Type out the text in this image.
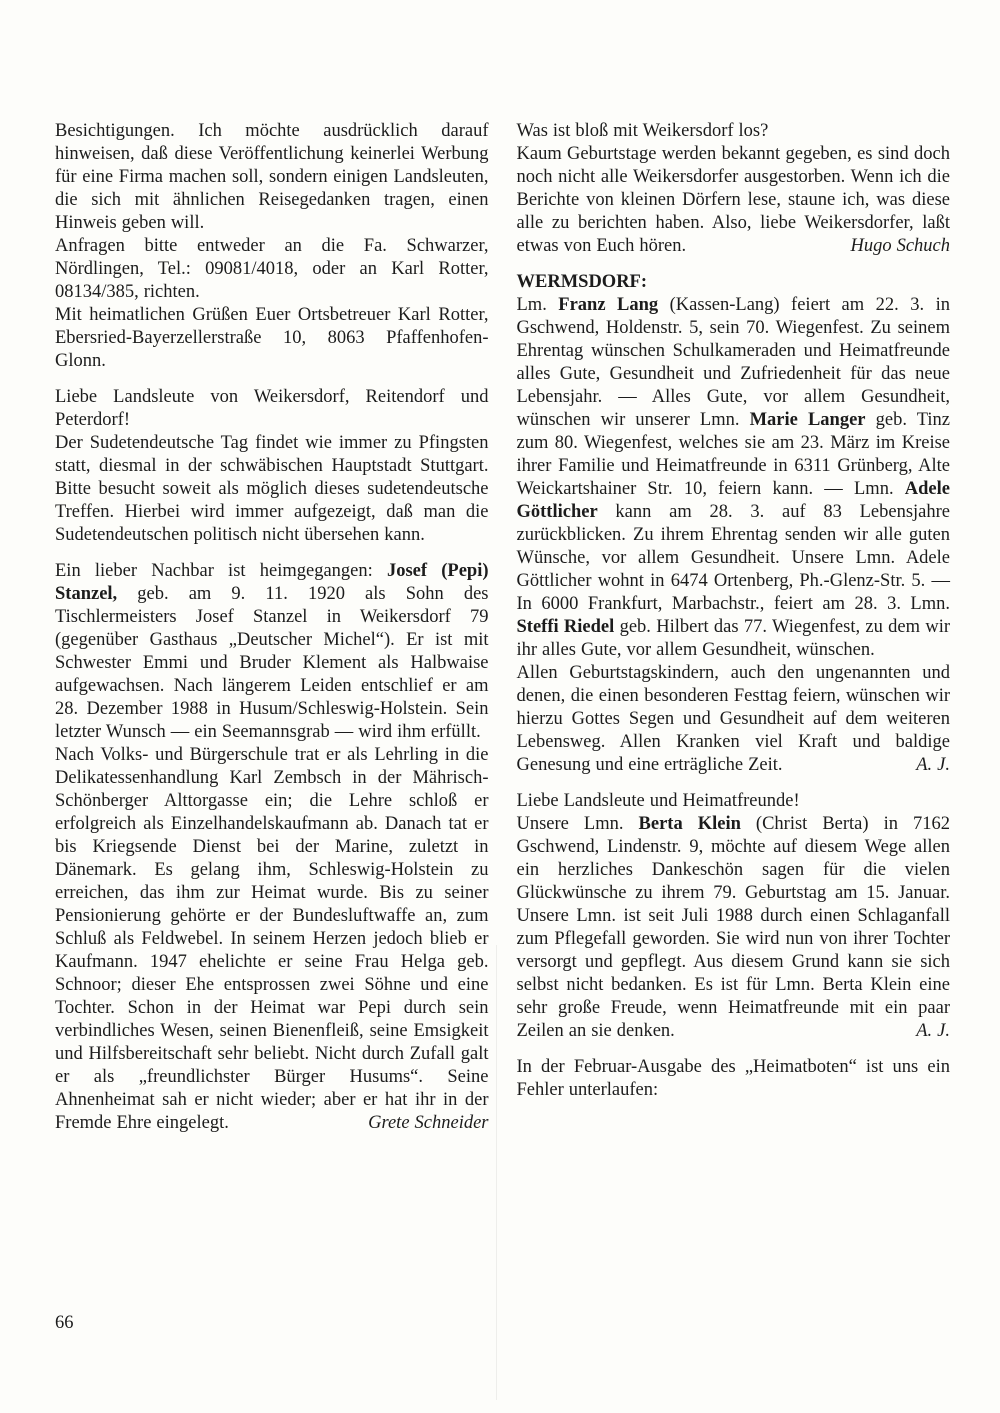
Besichtigungen. Ich möchte ausdrücklich darauf hinweisen, daß diese Veröffentlichung keinerlei Werbung für eine Firma machen soll, sondern einigen Landsleuten, die sich mit ähnlichen Reisegedanken tragen, einen Hinweis geben will.

Anfragen bitte entweder an die Fa. Schwarzer, Nördlingen, Tel.: 09081/4018, oder an Karl Rotter, 08134/385, richten.

Mit heimatlichen Grüßen Euer Ortsbetreuer Karl Rotter, Ebersried-Bayerzellerstraße 10, 8063 Pfaffenhofen-Glonn.

Liebe Landsleute von Weikersdorf, Reitendorf und Peterdorf!

Der Sudetendeutsche Tag findet wie immer zu Pfingsten statt, diesmal in der schwäbischen Hauptstadt Stuttgart. Bitte besucht soweit als möglich dieses sudetendeutsche Treffen. Hierbei wird immer aufgezeigt, daß man die Sudetendeutschen politisch nicht übersehen kann.

Ein lieber Nachbar ist heimgegangen: Josef (Pepi) Stanzel, geb. am 9. 11. 1920 als Sohn des Tischlermeisters Josef Stanzel in Weikersdorf 79 (gegenüber Gasthaus „Deutscher Michel“). Er ist mit Schwester Emmi und Bruder Klement als Halbwaise aufgewachsen. Nach längerem Leiden entschlief er am 28. Dezember 1988 in Husum/Schleswig-Holstein. Sein letzter Wunsch — ein Seemannsgrab — wird ihm erfüllt.

Nach Volks- und Bürgerschule trat er als Lehrling in die Delikatessenhandlung Karl Zembsch in der Mährisch-Schönberger Alttorgasse ein; die Lehre schloß er erfolgreich als Einzelhandelskaufmann ab. Danach tat er bis Kriegsende Dienst bei der Marine, zuletzt in Dänemark. Es gelang ihm, Schleswig-Holstein zu erreichen, das ihm zur Heimat wurde. Bis zu seiner Pensionierung gehörte er der Bundesluftwaffe an, zum Schluß als Feldwebel. In seinem Herzen jedoch blieb er Kaufmann. 1947 ehelichte er seine Frau Helga geb. Schnoor; dieser Ehe entsprossen zwei Söhne und eine Tochter. Schon in der Heimat war Pepi durch sein verbindliches Wesen, seinen Bienenfleiß, seine Emsigkeit und Hilfsbereitschaft sehr beliebt. Nicht durch Zufall galt er als „freundlichster Bürger Husums“. Seine Ahnenheimat sah er nicht wieder; aber er hat ihr in der Fremde Ehre eingelegt.	Grete Schneider

Was ist bloß mit Weikersdorf los?

Kaum Geburtstage werden bekannt gegeben, es sind doch noch nicht alle Weikersdorfer ausgestorben. Wenn ich die Berichte von kleinen Dörfern lese, staune ich, was diese alle zu berichten haben. Also, liebe Weikersdorfer, laßt etwas von Euch hören.	Hugo Schuch

WERMSDORF:

Lm. Franz Lang (Kassen-Lang) feiert am 22. 3. in Gschwend, Holdenstr. 5, sein 70. Wiegenfest. Zu seinem Ehrentag wünschen Schulkameraden und Heimatfreunde alles Gute, Gesundheit und Zufriedenheit für das neue Lebensjahr. — Alles Gute, vor allem Gesundheit, wünschen wir unserer Lmn. Marie Langer geb. Tinz zum 80. Wiegenfest, welches sie am 23. März im Kreise ihrer Familie und Heimatfreunde in 6311 Grünberg, Alte Weickartshainer Str. 10, feiern kann. — Lmn. Adele Göttlicher kann am 28. 3. auf 83 Lebensjahre zurückblicken. Zu ihrem Ehrentag senden wir alle guten Wünsche, vor allem Gesundheit. Unsere Lmn. Adele Göttlicher wohnt in 6474 Ortenberg, Ph.-Glenz-Str. 5. — In 6000 Frankfurt, Marbachstr., feiert am 28. 3. Lmn. Steffi Riedel geb. Hilbert das 77. Wiegenfest, zu dem wir ihr alles Gute, vor allem Gesundheit, wünschen.

Allen Geburtstagskindern, auch den ungenannten und denen, die einen besonderen Festtag feiern, wünschen wir hierzu Gottes Segen und Gesundheit auf dem weiteren Lebensweg. Allen Kranken viel Kraft und baldige Genesung und eine erträgliche Zeit.	A. J.

Liebe Landsleute und Heimatfreunde!

Unsere Lmn. Berta Klein (Christ Berta) in 7162 Gschwend, Lindenstr. 9, möchte auf diesem Wege allen ein herzliches Dankeschön sagen für die vielen Glückwünsche zu ihrem 79. Geburtstag am 15. Januar. Unsere Lmn. ist seit Juli 1988 durch einen Schlaganfall zum Pflegefall geworden. Sie wird nun von ihrer Tochter versorgt und gepflegt. Aus diesem Grund kann sie sich selbst nicht bedanken. Es ist für Lmn. Berta Klein eine sehr große Freude, wenn Heimatfreunde mit ein paar Zeilen an sie denken.	A. J.

In der Februar-Ausgabe des „Heimatboten“ ist uns ein Fehler unterlaufen:

66
